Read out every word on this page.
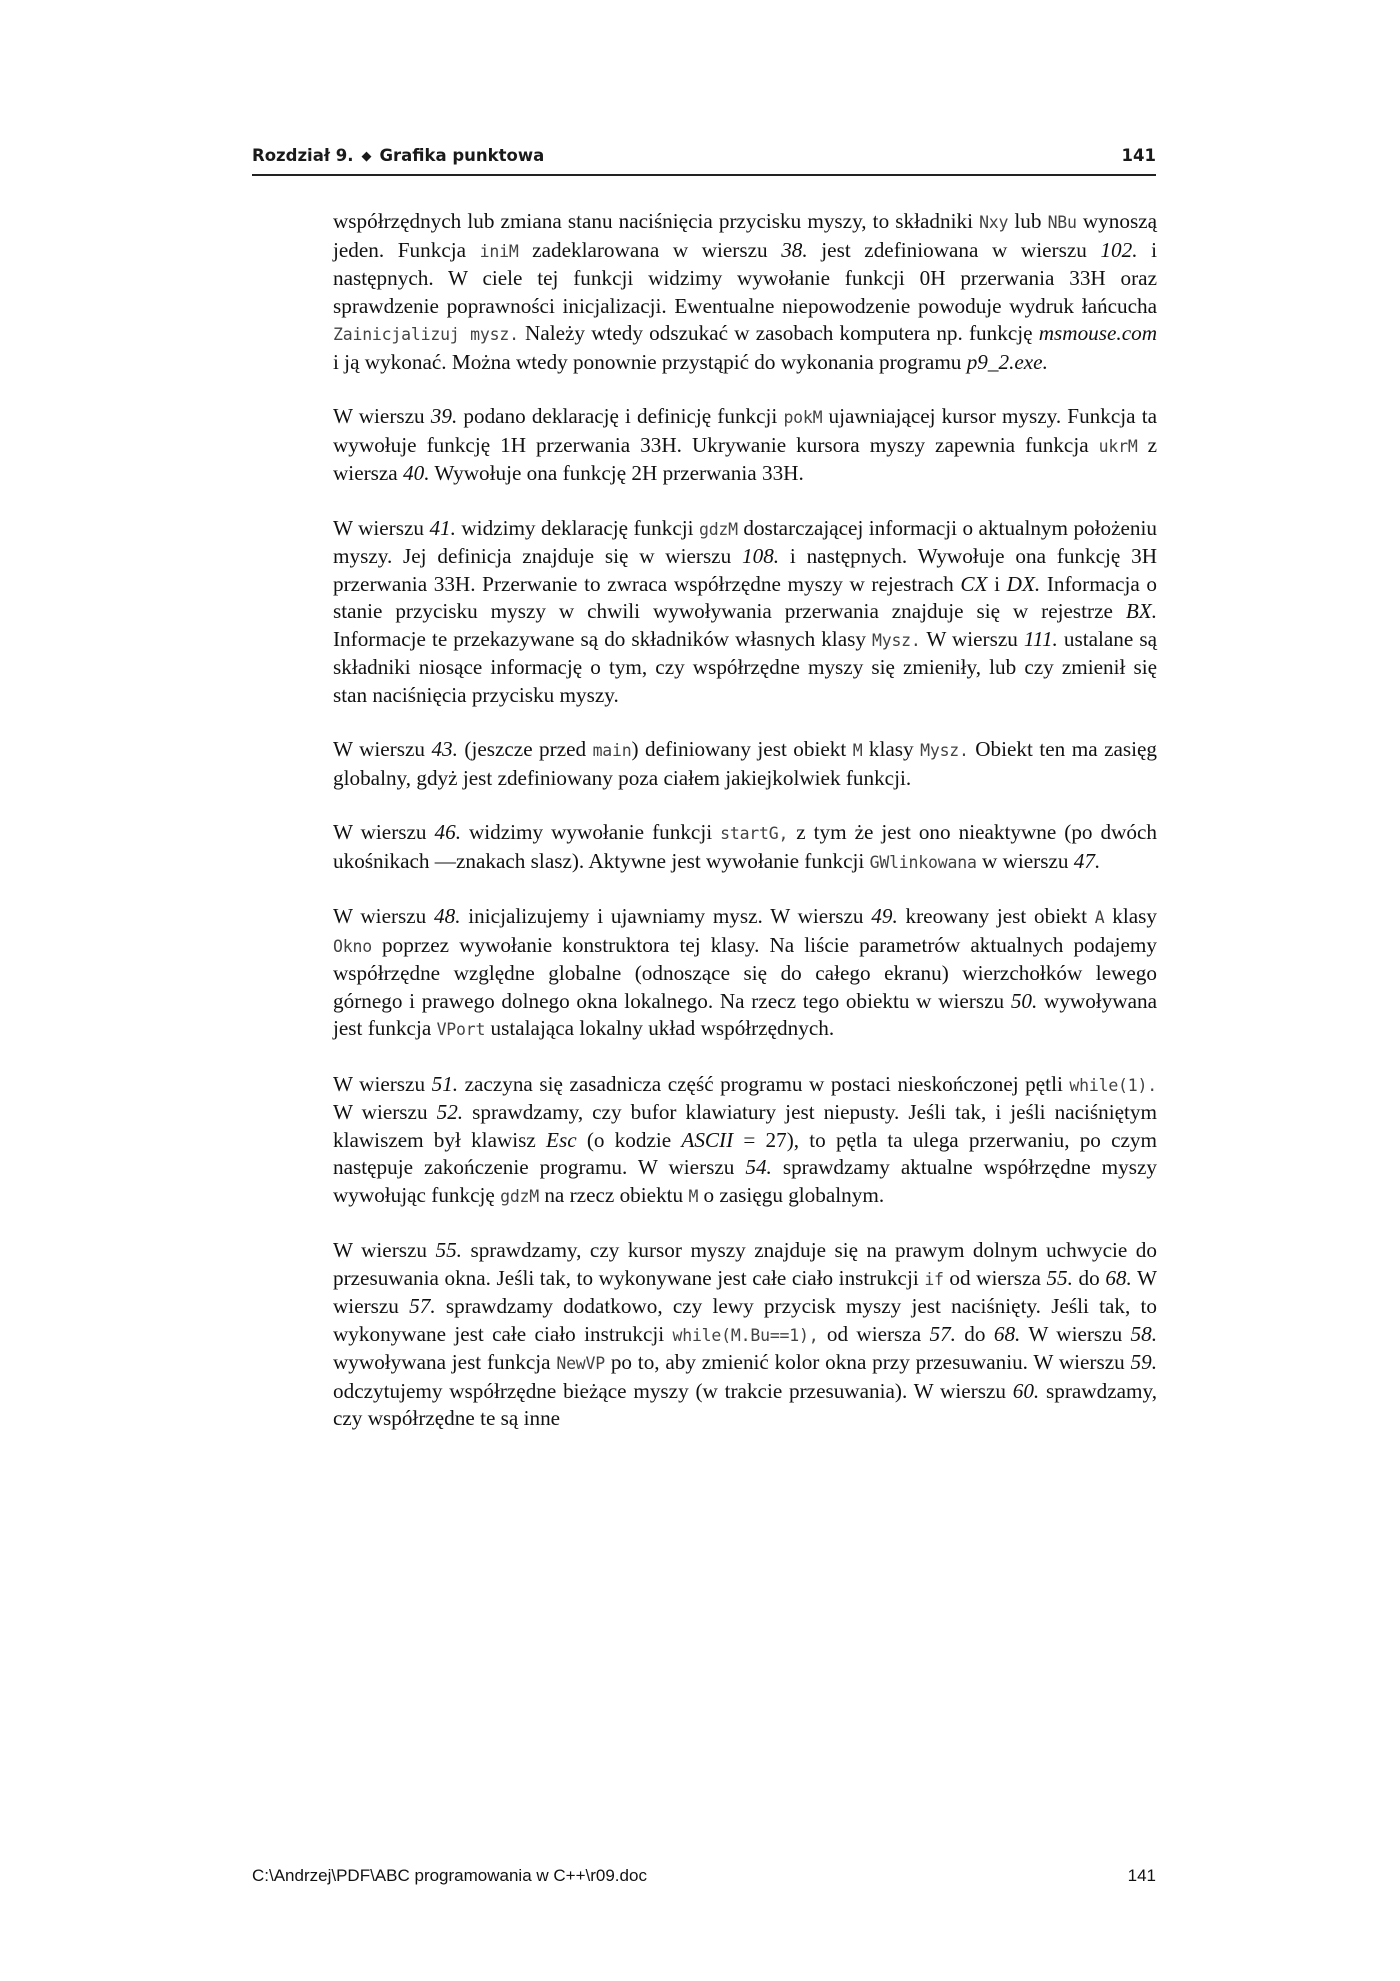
Rozdział 9. ◆ Grafika punktowa	141

współrzędnych lub zmiana stanu naciśnięcia przycisku myszy, to składniki Nxy lub NBu wynoszą jeden. Funkcja iniM zadeklarowana w wierszu 38. jest zdefiniowana w wierszu 102. i następnych. W ciele tej funkcji widzimy wywołanie funkcji 0H przerwania 33H oraz sprawdzenie poprawności inicjalizacji. Ewentualne niepowodzenie powoduje wydruk łańcucha Zainicjalizuj mysz. Należy wtedy odszukać w zasobach komputera np. funkcję msmouse.com i ją wykonać. Można wtedy ponownie przystąpić do wykonania programu p9_2.exe.

W wierszu 39. podano deklarację i definicję funkcji pokM ujawniającej kursor myszy. Funkcja ta wywołuje funkcję 1H przerwania 33H. Ukrywanie kursora myszy zapewnia funkcja ukrM z wiersza 40. Wywołuje ona funkcję 2H przerwania 33H.

W wierszu 41. widzimy deklarację funkcji gdzM dostarczającej informacji o aktualnym położeniu myszy. Jej definicja znajduje się w wierszu 108. i następnych. Wywołuje ona funkcję 3H przerwania 33H. Przerwanie to zwraca współrzędne myszy w rejestrach CX i DX. Informacja o stanie przycisku myszy w chwili wywoływania przerwania znajduje się w rejestrze BX. Informacje te przekazywane są do składników własnych klasy Mysz. W wierszu 111. ustalane są składniki niosące informację o tym, czy współrzędne myszy się zmieniły, lub czy zmienił się stan naciśnięcia przycisku myszy.

W wierszu 43. (jeszcze przed main) definiowany jest obiekt M klasy Mysz. Obiekt ten ma zasięg globalny, gdyż jest zdefiniowany poza ciałem jakiejkolwiek funkcji.

W wierszu 46. widzimy wywołanie funkcji startG, z tym że jest ono nieaktywne (po dwóch ukośnikach —znakach slasz). Aktywne jest wywołanie funkcji GWlinkowana w wierszu 47.

W wierszu 48. inicjalizujemy i ujawniamy mysz. W wierszu 49. kreowany jest obiekt A klasy Okno poprzez wywołanie konstruktora tej klasy. Na liście parametrów aktualnych podajemy współrzędne względne globalne (odnoszące się do całego ekranu) wierzchołków lewego górnego i prawego dolnego okna lokalnego. Na rzecz tego obiektu w wierszu 50. wywoływana jest funkcja VPort ustalająca lokalny układ współrzędnych.

W wierszu 51. zaczyna się zasadnicza część programu w postaci nieskończonej pętli while(1). W wierszu 52. sprawdzamy, czy bufor klawiatury jest niepusty. Jeśli tak, i jeśli naciśniętym klawiszem był klawisz Esc (o kodzie ASCII = 27), to pętla ta ulega przerwaniu, po czym następuje zakończenie programu. W wierszu 54. sprawdzamy aktualne współrzędne myszy wywołując funkcję gdzM na rzecz obiektu M o zasięgu globalnym.

W wierszu 55. sprawdzamy, czy kursor myszy znajduje się na prawym dolnym uchwycie do przesuwania okna. Jeśli tak, to wykonywane jest całe ciało instrukcji if od wiersza 55. do 68. W wierszu 57. sprawdzamy dodatkowo, czy lewy przycisk myszy jest naciśnięty. Jeśli tak, to wykonywane jest całe ciało instrukcji while(M.Bu==1), od wiersza 57. do 68. W wierszu 58. wywoływana jest funkcja NewVP po to, aby zmienić kolor okna przy przesuwaniu. W wierszu 59. odczytujemy współrzędne bieżące myszy (w trakcie przesuwania). W wierszu 60. sprawdzamy, czy współrzędne te są inne

C:\Andrzej\PDF\ABC programowania w C++\r09.doc	141
